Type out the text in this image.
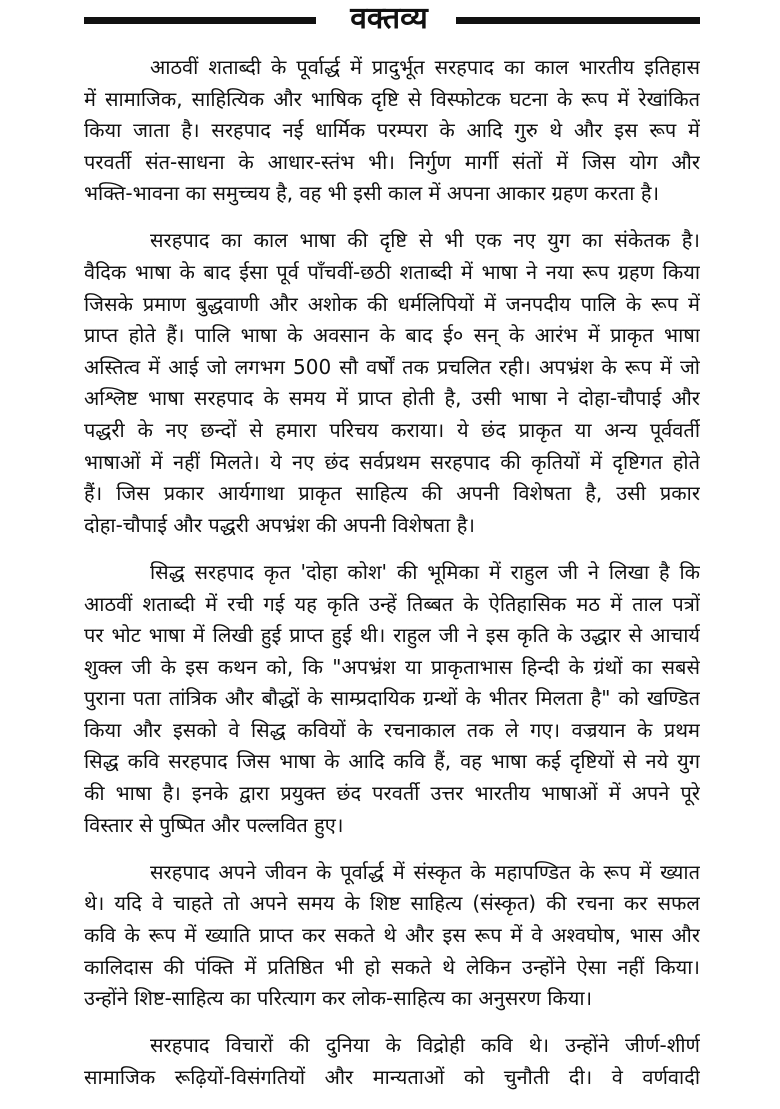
वक्तव्य
आठवीं शताब्दी के पूर्वार्द्ध में प्रादुर्भूत सरहपाद का काल भारतीय इतिहास
में सामाजिक, साहित्यिक और भाषिक दृष्टि से विस्फोटक घटना के रूप में रेखांकित
किया जाता है। सरहपाद नई धार्मिक परम्परा के आदि गुरु थे और इस रूप में
परवर्ती संत-साधना के आधार-स्तंभ भी। निर्गुण मार्गी संतों में जिस योग और
भक्ति-भावना का समुच्चय है, वह भी इसी काल में अपना आकार ग्रहण करता है।
सरहपाद का काल भाषा की दृष्टि से भी एक नए युग का संकेतक है।
वैदिक भाषा के बाद ईसा पूर्व पाँचवीं-छठी शताब्दी में भाषा ने नया रूप ग्रहण किया
जिसके प्रमाण बुद्धवाणी और अशोक की धर्मलिपियों में जनपदीय पालि के रूप में
प्राप्त होते हैं। पालि भाषा के अवसान के बाद ई० सन् के आरंभ में प्राकृत भाषा
अस्तित्व में आई जो लगभग 500 सौ वर्षों तक प्रचलित रही। अपभ्रंश के रूप में जो
अश्लिष्ट भाषा सरहपाद के समय में प्राप्त होती है, उसी भाषा ने दोहा-चौपाई और
पद्धरी के नए छन्दों से हमारा परिचय कराया। ये छंद प्राकृत या अन्य पूर्ववर्ती
भाषाओं में नहीं मिलते। ये नए छंद सर्वप्रथम सरहपाद की कृतियों में दृष्टिगत होते
हैं। जिस प्रकार आर्यगाथा प्राकृत साहित्य की अपनी विशेषता है, उसी प्रकार
दोहा-चौपाई और पद्धरी अपभ्रंश की अपनी विशेषता है।
सिद्ध सरहपाद कृत 'दोहा कोश' की भूमिका में राहुल जी ने लिखा है कि
आठवीं शताब्दी में रची गई यह कृति उन्हें तिब्बत के ऐतिहासिक मठ में ताल पत्रों
पर भोट भाषा में लिखी हुई प्राप्त हुई थी। राहुल जी ने इस कृति के उद्धार से आचार्य
शुक्ल जी के इस कथन को, कि "अपभ्रंश या प्राकृताभास हिन्दी के ग्रंथों का सबसे
पुराना पता तांत्रिक और बौद्धों के साम्प्रदायिक ग्रन्थों के भीतर मिलता है" को खण्डित
किया और इसको वे सिद्ध कवियों के रचनाकाल तक ले गए। वज्रयान के प्रथम
सिद्ध कवि सरहपाद जिस भाषा के आदि कवि हैं, वह भाषा कई दृष्टियों से नये युग
की भाषा है। इनके द्वारा प्रयुक्त छंद परवर्ती उत्तर भारतीय भाषाओं में अपने पूरे
विस्तार से पुष्पित और पल्लवित हुए।
सरहपाद अपने जीवन के पूर्वार्द्ध में संस्कृत के महापण्डित के रूप में ख्यात
थे। यदि वे चाहते तो अपने समय के शिष्ट साहित्य (संस्कृत) की रचना कर सफल
कवि के रूप में ख्याति प्राप्त कर सकते थे और इस रूप में वे अश्वघोष, भास और
कालिदास की पंक्ति में प्रतिष्ठित भी हो सकते थे लेकिन उन्होंने ऐसा नहीं किया।
उन्होंने शिष्ट-साहित्य का परित्याग कर लोक-साहित्य का अनुसरण किया।
सरहपाद विचारों की दुनिया के विद्रोही कवि थे। उन्होंने जीर्ण-शीर्ण
सामाजिक रूढ़ियों-विसंगतियों और मान्यताओं को चुनौती दी। वे वर्णवादी
